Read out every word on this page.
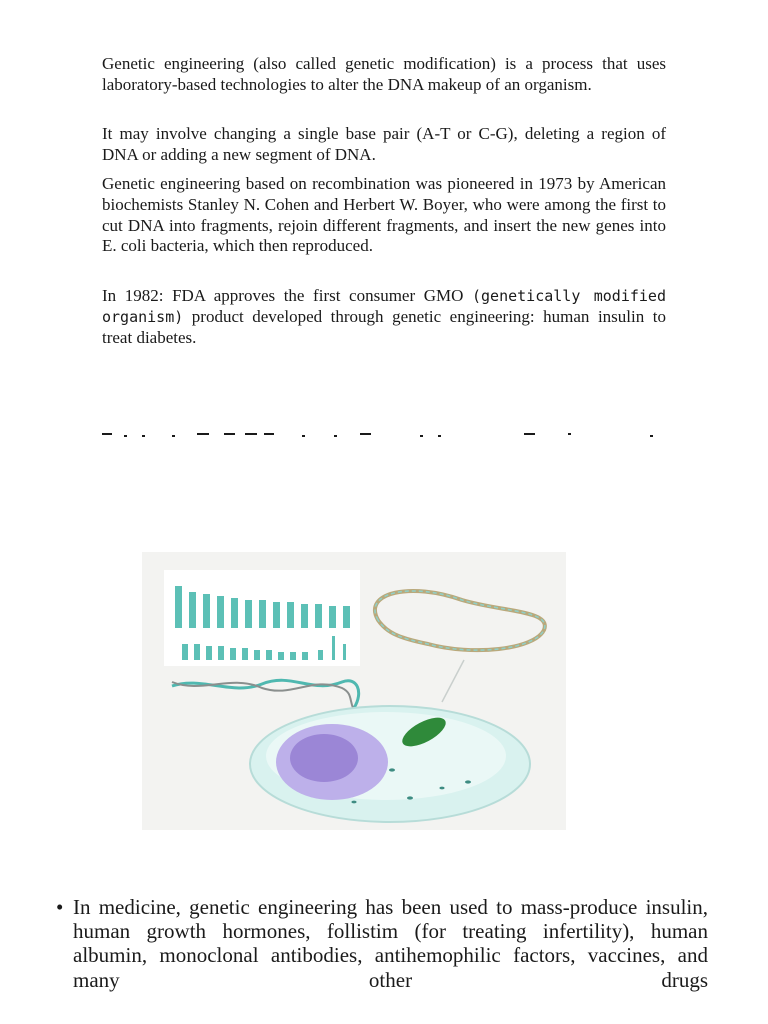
Genetic engineering (also called genetic modification) is a process that uses laboratory-based technologies to alter the DNA makeup of an organism.

It may involve changing a single base pair (A-T or C-G), deleting a region of DNA or adding a new segment of DNA.

Genetic engineering based on recombination was pioneered in 1973 by American biochemists Stanley N. Cohen and Herbert W. Boyer, who were among the first to cut DNA into fragments, rejoin different fragments, and insert the new genes into E. coli bacteria, which then reproduced.

In 1982: FDA approves the first consumer GMO (genetically modified organism) product developed through genetic engineering: human insulin to treat diabetes.

• In medicine, genetic engineering has been used to mass-produce insulin, human growth hormones, follistim (for treating infertility), human albumin, monoclonal antibodies, antihemophilic factors, vaccines, and many other drugs
